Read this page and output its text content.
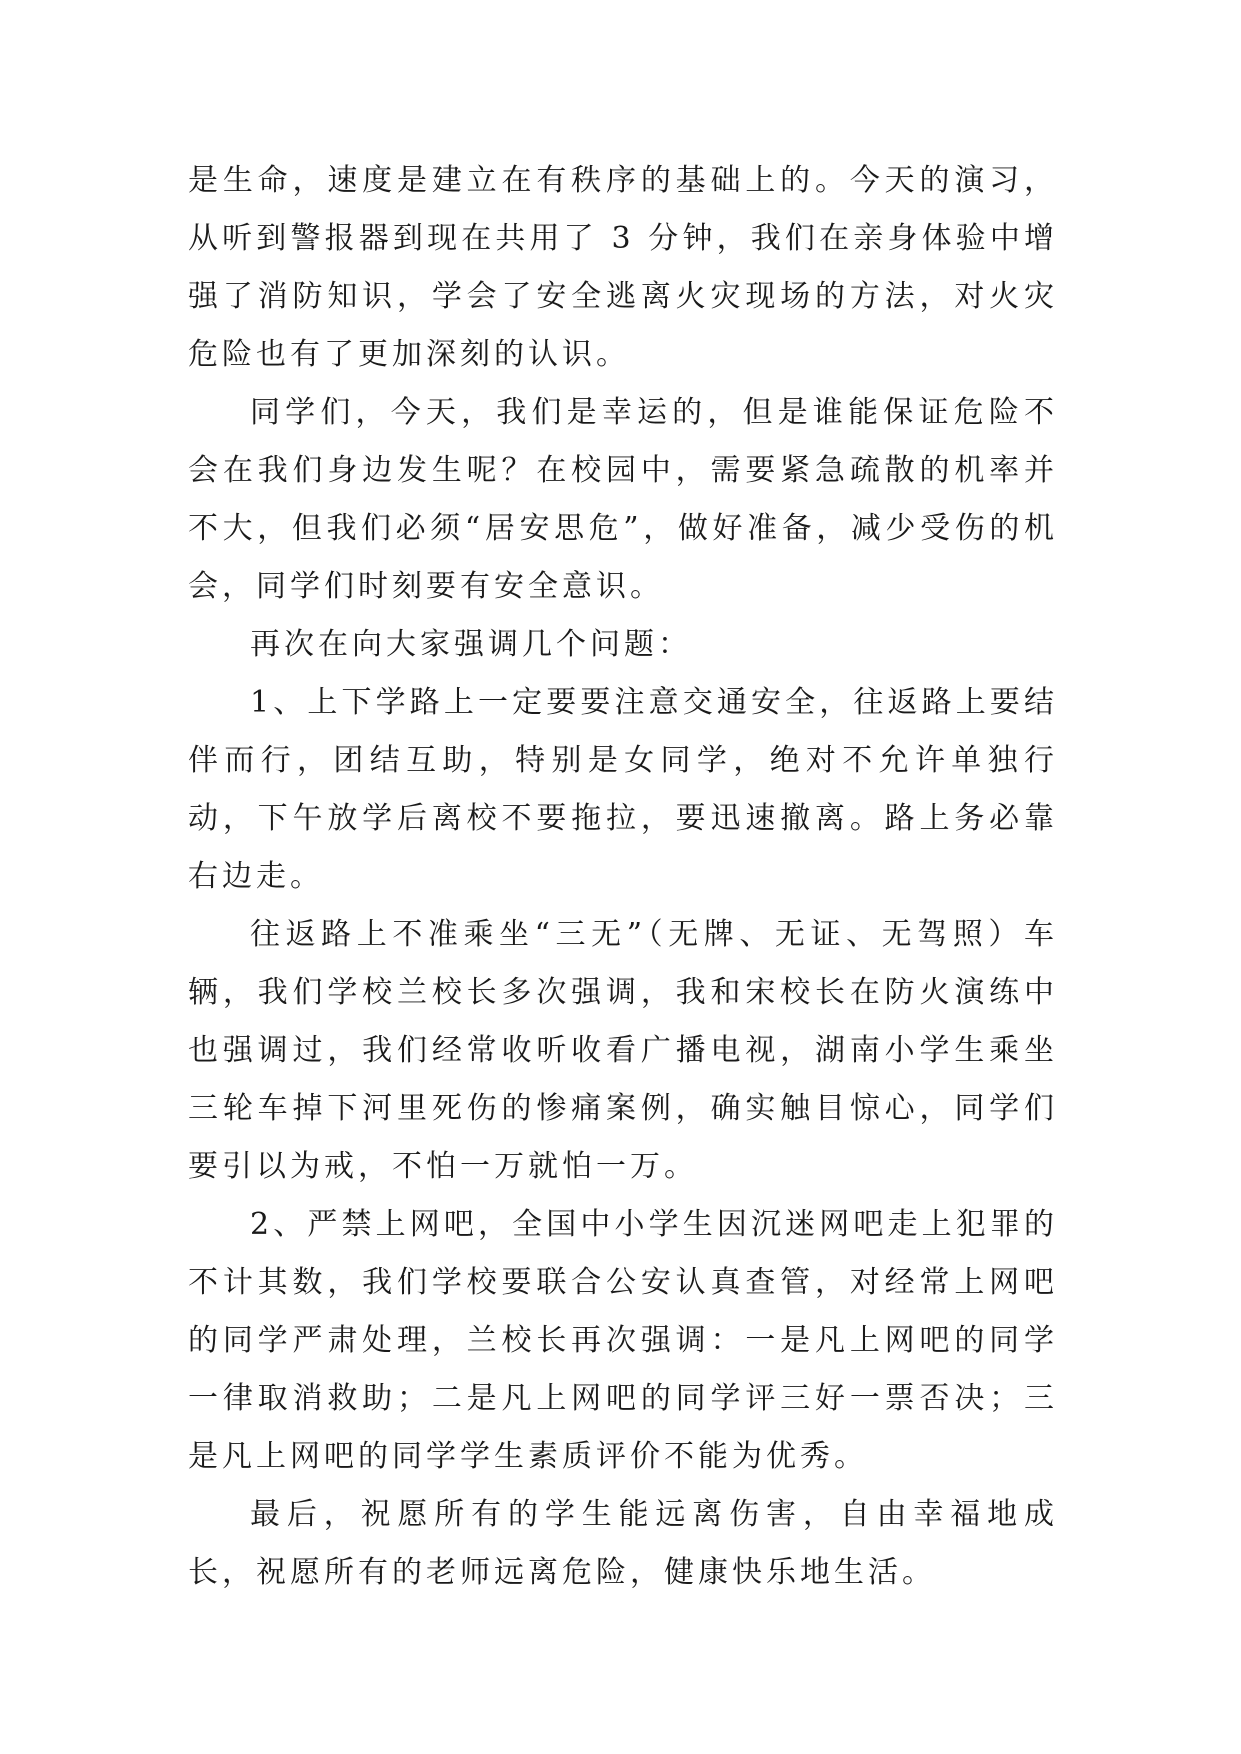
是生命，速度是建立在有秩序的基础上的。今天的演习，从听到警报器到现在共用了 3 分钟，我们在亲身体验中增强了消防知识，学会了安全逃离火灾现场的方法，对火灾危险也有了更加深刻的认识。

同学们，今天，我们是幸运的，但是谁能保证危险不会在我们身边发生呢？在校园中，需要紧急疏散的机率并不大，但我们必须“居安思危”，做好准备，减少受伤的机会，同学们时刻要有安全意识。

再次在向大家强调几个问题：

1、上下学路上一定要要注意交通安全，往返路上要结伴而行，团结互助，特别是女同学，绝对不允许单独行动，下午放学后离校不要拖拉，要迅速撤离。路上务必靠右边走。

往返路上不准乘坐“三无”（无牌、无证、无驾照）车辆，我们学校兰校长多次强调，我和宋校长在防火演练中也强调过，我们经常收听收看广播电视，湖南小学生乘坐三轮车掉下河里死伤的惨痛案例，确实触目惊心，同学们要引以为戒，不怕一万就怕一万。

2、严禁上网吧，全国中小学生因沉迷网吧走上犯罪的不计其数，我们学校要联合公安认真查管，对经常上网吧的同学严肃处理，兰校长再次强调：一是凡上网吧的同学一律取消救助；二是凡上网吧的同学评三好一票否决；三是凡上网吧的同学学生素质评价不能为优秀。

最后，祝愿所有的学生能远离伤害，自由幸福地成长，祝愿所有的老师远离危险，健康快乐地生活。
